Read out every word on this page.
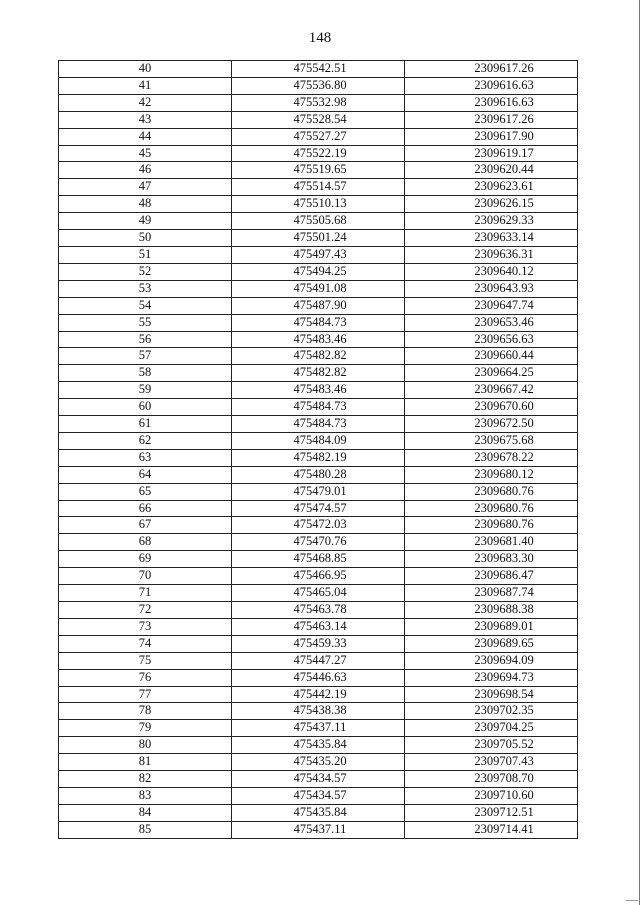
148
40	475542.51	2309617.26
41	475536.80	2309616.63
42	475532.98	2309616.63
43	475528.54	2309617.26
44	475527.27	2309617.90
45	475522.19	2309619.17
46	475519.65	2309620.44
47	475514.57	2309623.61
48	475510.13	2309626.15
49	475505.68	2309629.33
50	475501.24	2309633.14
51	475497.43	2309636.31
52	475494.25	2309640.12
53	475491.08	2309643.93
54	475487.90	2309647.74
55	475484.73	2309653.46
56	475483.46	2309656.63
57	475482.82	2309660.44
58	475482.82	2309664.25
59	475483.46	2309667.42
60	475484.73	2309670.60
61	475484.73	2309672.50
62	475484.09	2309675.68
63	475482.19	2309678.22
64	475480.28	2309680.12
65	475479.01	2309680.76
66	475474.57	2309680.76
67	475472.03	2309680.76
68	475470.76	2309681.40
69	475468.85	2309683.30
70	475466.95	2309686.47
71	475465.04	2309687.74
72	475463.78	2309688.38
73	475463.14	2309689.01
74	475459.33	2309689.65
75	475447.27	2309694.09
76	475446.63	2309694.73
77	475442.19	2309698.54
78	475438.38	2309702.35
79	475437.11	2309704.25
80	475435.84	2309705.52
81	475435.20	2309707.43
82	475434.57	2309708.70
83	475434.57	2309710.60
84	475435.84	2309712.51
85	475437.11	2309714.41
